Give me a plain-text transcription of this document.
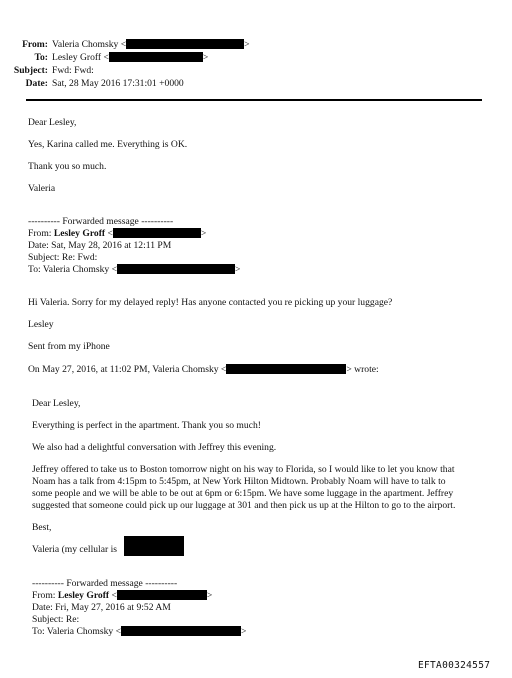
From: Valeria Chomsky <	>
To: Lesley Groff <	>
Subject: Fwd: Fwd:
Date: Sat, 28 May 2016 17:31:01 +0000
Dear Lesley,
Yes, Karina called me. Everything is OK.
Thank you so much.
Valeria
---------- Forwarded message ----------
From: Lesley Groff <	>
Date: Sat, May 28, 2016 at 12:11 PM
Subject: Re: Fwd:
To: Valeria Chomsky <	>
Hi Valeria. Sorry for my delayed reply! Has anyone contacted you re picking up your luggage?
Lesley
Sent from my iPhone
On May 27, 2016, at 11:02 PM, Valeria Chomsky <	> wrote:
Dear Lesley,
Everything is perfect in the apartment. Thank you so much!
We also had a delightful conversation with Jeffrey this evening.
Jeffrey offered to take us to Boston tomorrow night on his way to Florida, so I would like to let you know that
Noam has a talk from 4:15pm to 5:45pm, at New York Hilton Midtown. Probably Noam will have to talk to
some people and we will be able to be out at 6pm or 6:15pm. We have some luggage in the apartment. Jeffrey
suggested that someone could pick up our luggage at 301 and then pick us up at the Hilton to go to the airport.
Best,
Valeria (my cellular is
---------- Forwarded message ----------
From: Lesley Groff <	>
Date: Fri, May 27, 2016 at 9:52 AM
Subject: Re:
To: Valeria Chomsky <	>
EFTA00324557
